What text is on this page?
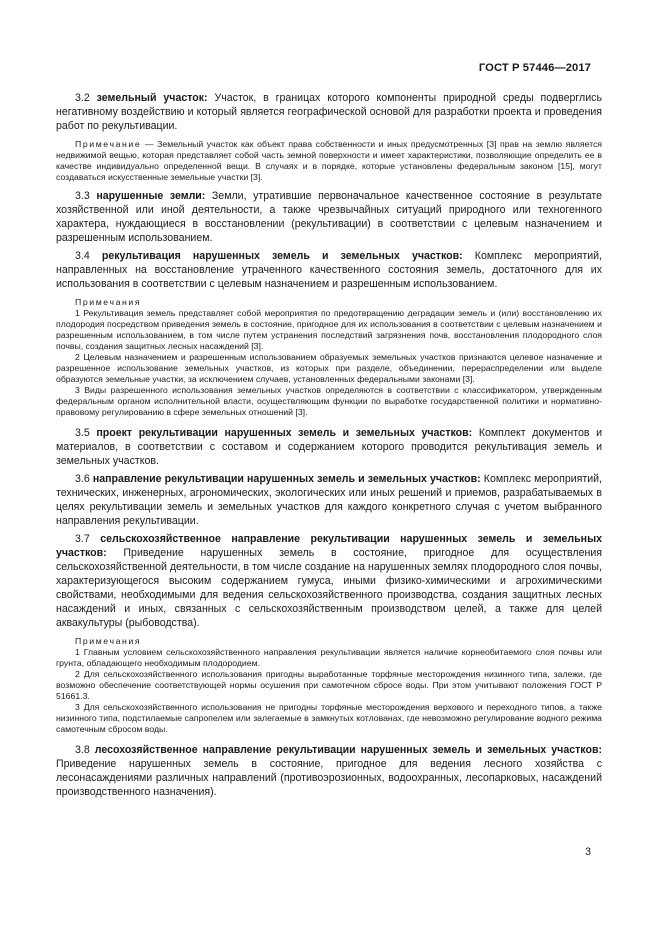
ГОСТ Р 57446—2017

3.2 земельный участок: Участок, в границах которого компоненты природной среды подверглись негативному воздействию и который является географической основой для разработки проекта и проведения работ по рекультивации.

Примечание — Земельный участок как объект права собственности и иных предусмотренных [3] прав на землю является недвижимой вещью, которая представляет собой часть земной поверхности и имеет характеристики, позволяющие определить ее в качестве индивидуально определенной вещи. В случаях и в порядке, которые установлены федеральным законом [15], могут создаваться искусственные земельные участки [3].

3.3 нарушенные земли: Земли, утратившие первоначальное качественное состояние в результате хозяйственной или иной деятельности, а также чрезвычайных ситуаций природного или техногенного характера, нуждающиеся в восстановлении (рекультивации) в соответствии с целевым назначением и разрешенным использованием.

3.4 рекультивация нарушенных земель и земельных участков: Комплекс мероприятий, направленных на восстановление утраченного качественного состояния земель, достаточного для их использования в соответствии с целевым назначением и разрешенным использованием.

Примечания

1 Рекультивация земель представляет собой мероприятия по предотвращению деградации земель и (или) восстановлению их плодородия посредством приведения земель в состояние, пригодное для их использования в соответствии с целевым назначением и разрешенным использованием, в том числе путем устранения последствий загрязнения почв, восстановления плодородного слоя почвы, создания защитных лесных насаждений [3].

2 Целевым назначением и разрешенным использованием образуемых земельных участков признаются целевое назначение и разрешенное использование земельных участков, из которых при разделе, объединении, перераспределении или выделе образуются земельные участки, за исключением случаев, установленных федеральными законами [3].

3 Виды разрешенного использования земельных участков определяются в соответствии с классификатором, утвержденным федеральным органом исполнительной власти, осуществляющим функции по выработке государственной политики и нормативно-правовому регулированию в сфере земельных отношений [3].

3.5 проект рекультивации нарушенных земель и земельных участков: Комплект документов и материалов, в соответствии с составом и содержанием которого проводится рекультивация земель и земельных участков.

3.6 направление рекультивации нарушенных земель и земельных участков: Комплекс мероприятий, технических, инженерных, агрономических, экологических или иных решений и приемов, разрабатываемых в целях рекультивации земель и земельных участков для каждого конкретного случая с учетом выбранного направления рекультивации.

3.7 сельскохозяйственное направление рекультивации нарушенных земель и земельных участков: Приведение нарушенных земель в состояние, пригодное для осуществления сельскохозяйственной деятельности, в том числе создание на нарушенных землях плодородного слоя почвы, характеризующегося высоким содержанием гумуса, иными физико-химическими и агрохимическими свойствами, необходимыми для ведения сельскохозяйственного производства, создания защитных лесных насаждений и иных, связанных с сельскохозяйственным производством целей, а также для целей аквакультуры (рыбоводства).

Примечания

1 Главным условием сельскохозяйственного направления рекультивации является наличие корнеобитаемого слоя почвы или грунта, обладающего необходимым плодородием.

2 Для сельскохозяйственного использования пригодны выработанные торфяные месторождения низинного типа, залежи, где возможно обеспечение соответствующей нормы осушения при самотечном сбросе воды. При этом учитывают положения ГОСТ Р 51661.3.

3 Для сельскохозяйственного использования не пригодны торфяные месторождения верхового и переходного типов, а также низинного типа, подстилаемые сапропелем или залегаемые в замкнутых котлованах, где невозможно регулирование водного режима самотечным сбросом воды.

3.8 лесохозяйственное направление рекультивации нарушенных земель и земельных участков: Приведение нарушенных земель в состояние, пригодное для ведения лесного хозяйства с лесонасаждениями различных направлений (противоэрозионных, водоохранных, лесопарковых, насаждений производственного назначения).

3
